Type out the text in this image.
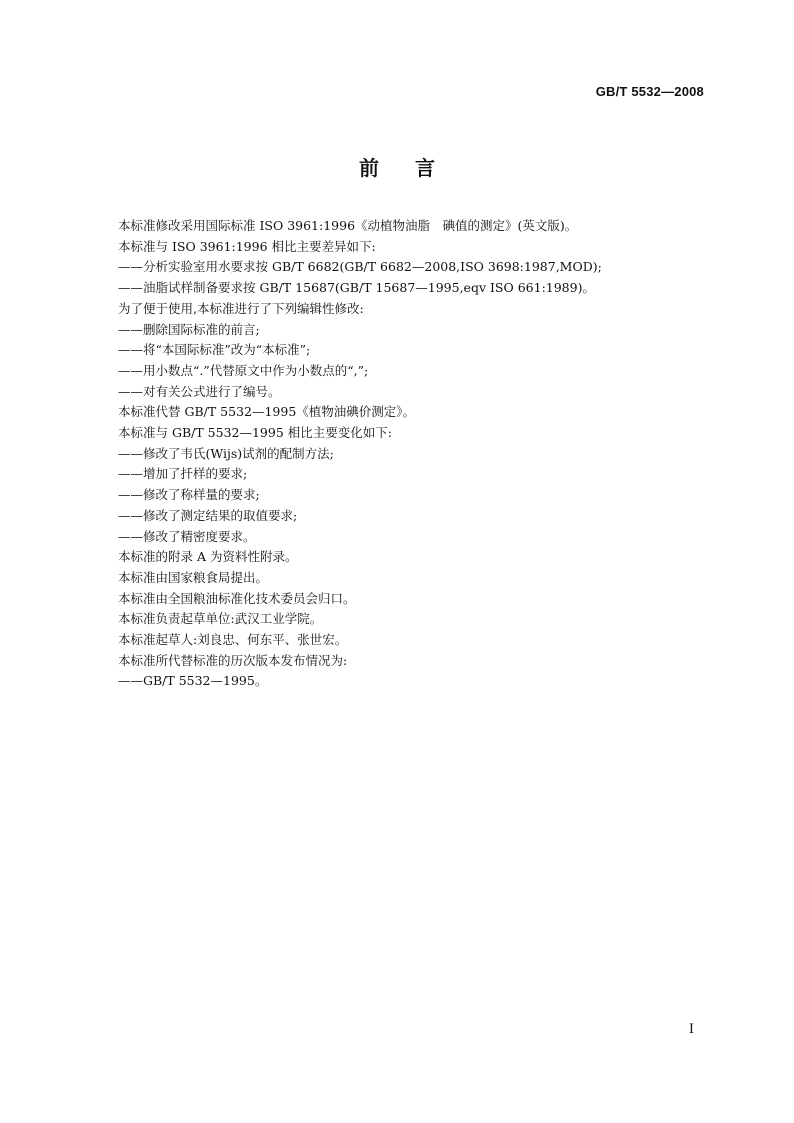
GB/T 5532—2008
前言
本标准修改采用国际标准 ISO 3961:1996《动植物油脂　碘值的测定》(英文版)。
本标准与 ISO 3961:1996 相比主要差异如下:
——分析实验室用水要求按 GB/T 6682(GB/T 6682—2008,ISO 3698:1987,MOD);
——油脂试样制备要求按 GB/T 15687(GB/T 15687—1995,eqv ISO 661:1989)。
为了便于使用,本标准进行了下列编辑性修改:
——删除国际标准的前言;
——将“本国际标准”改为“本标准”;
——用小数点“.”代替原文中作为小数点的“,”;
——对有关公式进行了编号。
本标准代替 GB/T 5532—1995《植物油碘价测定》。
本标准与 GB/T 5532—1995 相比主要变化如下:
——修改了韦氏(Wijs)试剂的配制方法;
——增加了扦样的要求;
——修改了称样量的要求;
——修改了测定结果的取值要求;
——修改了精密度要求。
本标准的附录 A 为资料性附录。
本标准由国家粮食局提出。
本标准由全国粮油标准化技术委员会归口。
本标准负责起草单位:武汉工业学院。
本标准起草人:刘良忠、何东平、张世宏。
本标准所代替标准的历次版本发布情况为:
——GB/T 5532—1995。
I
